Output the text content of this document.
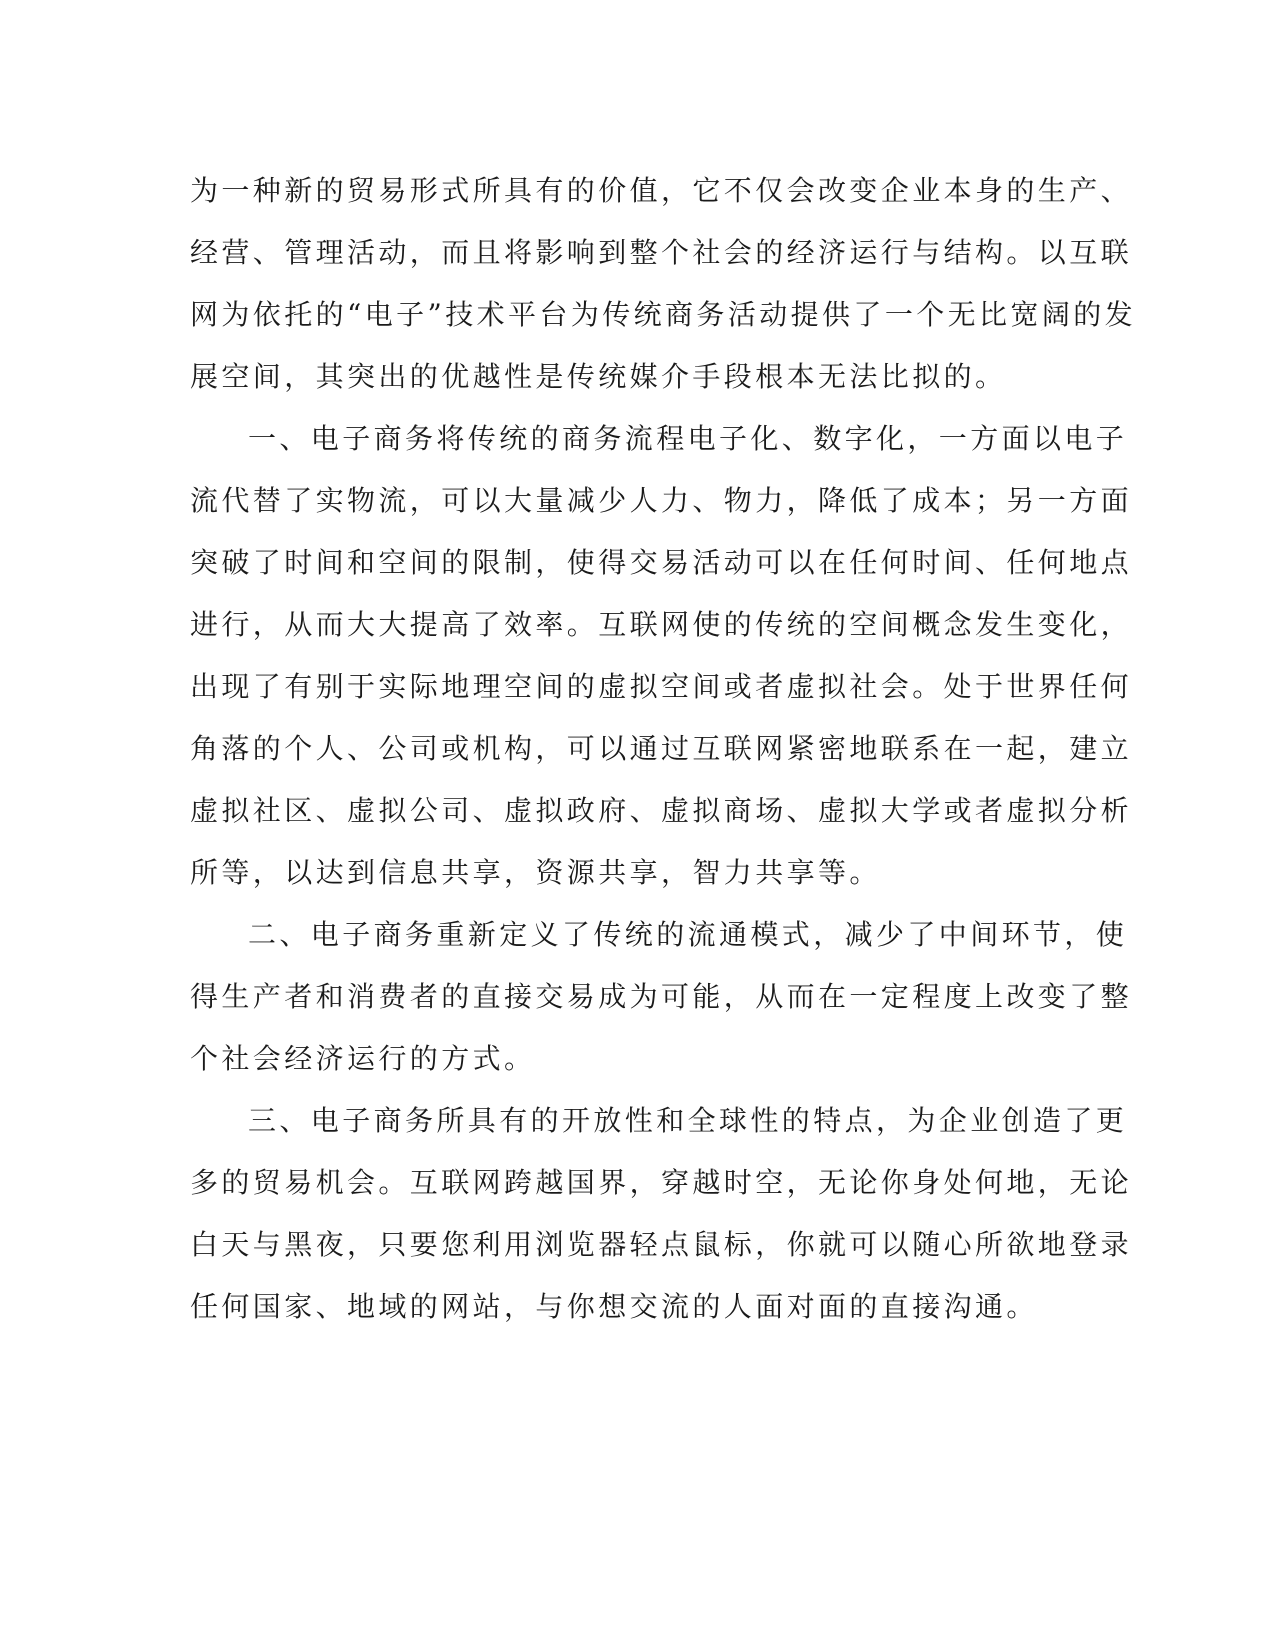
为一种新的贸易形式所具有的价值，它不仅会改变企业本身的生产、
经营、管理活动，而且将影响到整个社会的经济运行与结构。以互联
网为依托的“电子”技术平台为传统商务活动提供了一个无比宽阔的发
展空间，其突出的优越性是传统媒介手段根本无法比拟的。
一、电子商务将传统的商务流程电子化、数字化，一方面以电子
流代替了实物流，可以大量减少人力、物力，降低了成本；另一方面
突破了时间和空间的限制，使得交易活动可以在任何时间、任何地点
进行，从而大大提高了效率。互联网使的传统的空间概念发生变化，
出现了有别于实际地理空间的虚拟空间或者虚拟社会。处于世界任何
角落的个人、公司或机构，可以通过互联网紧密地联系在一起，建立
虚拟社区、虚拟公司、虚拟政府、虚拟商场、虚拟大学或者虚拟分析
所等，以达到信息共享，资源共享，智力共享等。
二、电子商务重新定义了传统的流通模式，减少了中间环节，使
得生产者和消费者的直接交易成为可能，从而在一定程度上改变了整
个社会经济运行的方式。
三、电子商务所具有的开放性和全球性的特点，为企业创造了更
多的贸易机会。互联网跨越国界，穿越时空，无论你身处何地，无论
白天与黑夜，只要您利用浏览器轻点鼠标，你就可以随心所欲地登录
任何国家、地域的网站，与你想交流的人面对面的直接沟通。
